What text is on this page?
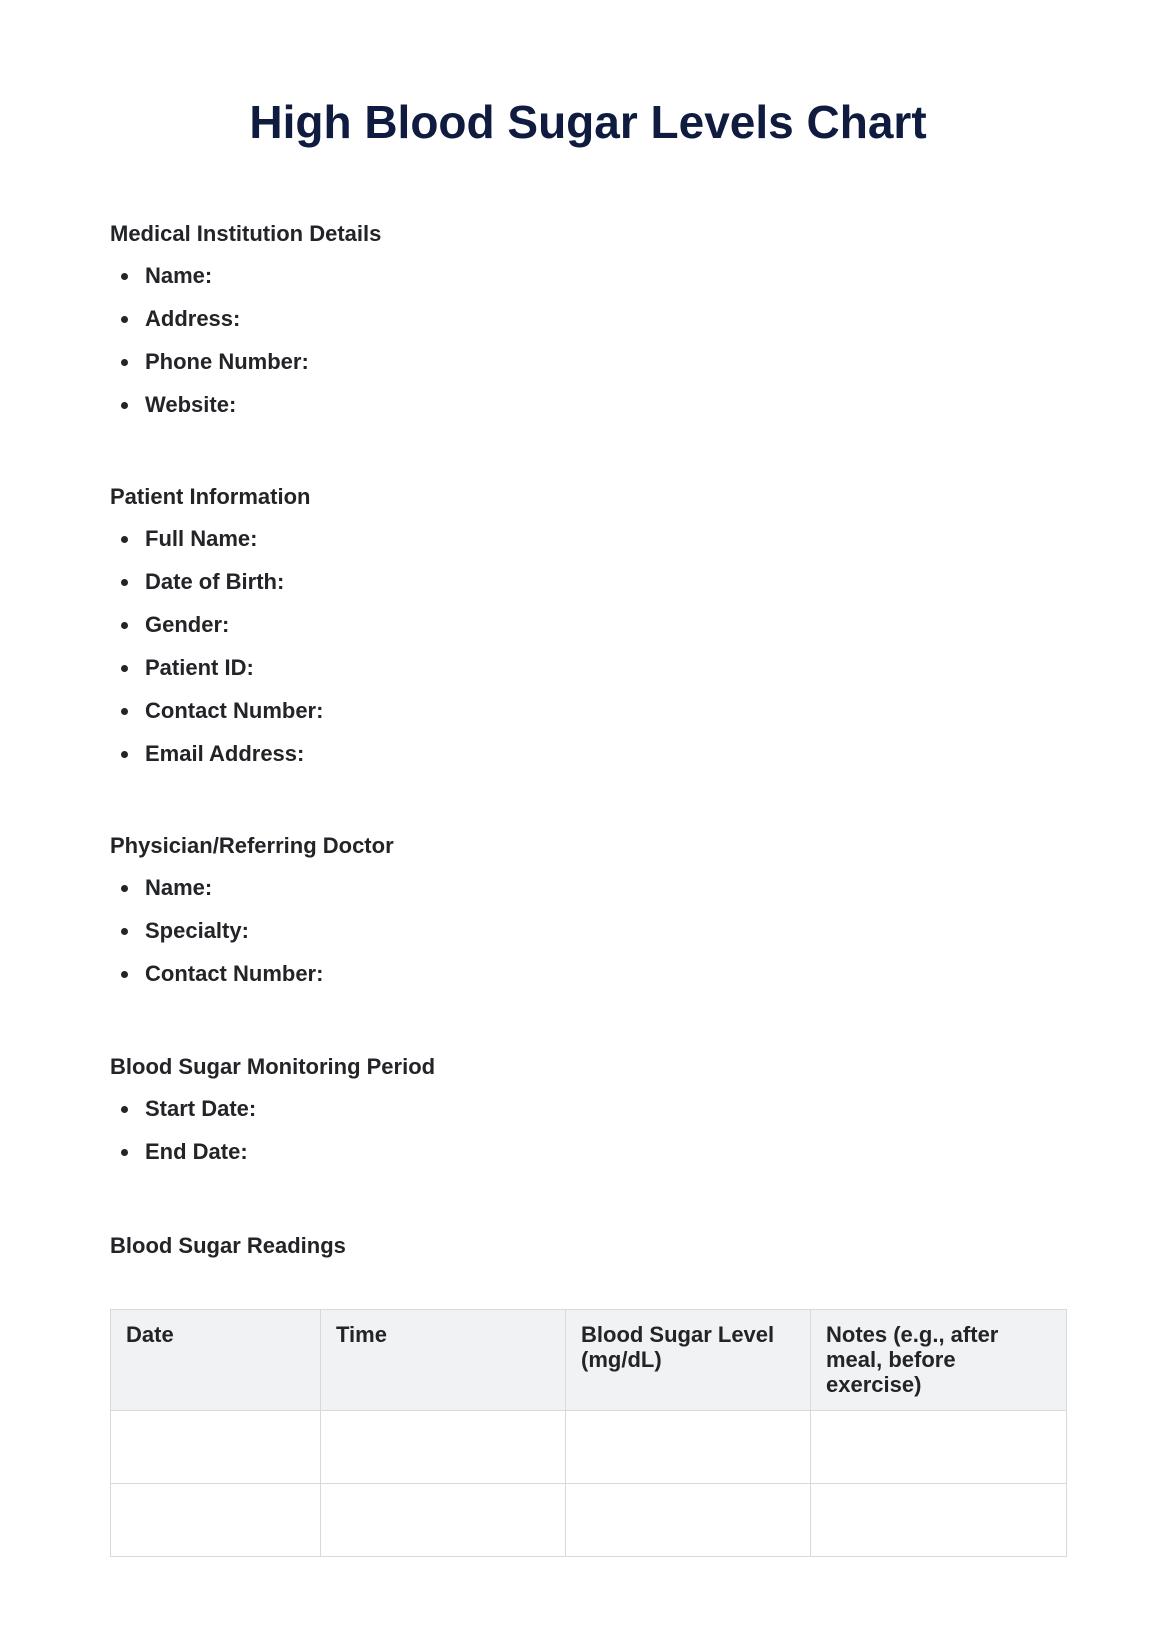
High Blood Sugar Levels Chart
Medical Institution Details
Name:
Address:
Phone Number:
Website:
Patient Information
Full Name:
Date of Birth:
Gender:
Patient ID:
Contact Number:
Email Address:
Physician/Referring Doctor
Name:
Specialty:
Contact Number:
Blood Sugar Monitoring Period
Start Date:
End Date:
Blood Sugar Readings
Date	Time	Blood Sugar Level (mg/dL)	Notes (e.g., after meal, before exercise)
